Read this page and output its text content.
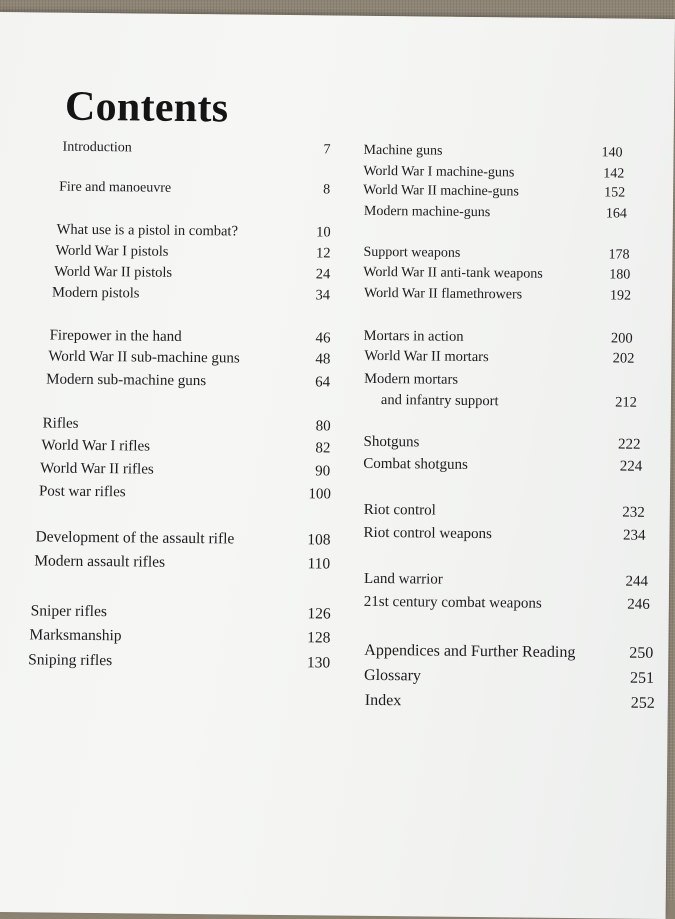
Contents
Introduction	7
Fire and manoeuvre	8
What use is a pistol in combat?	10
World War I pistols	12
World War II pistols	24
Modern pistols	34
Firepower in the hand	46
World War II sub-machine guns	48
Modern sub-machine guns	64
Rifles	80
World War I rifles	82
World War II rifles	90
Post war rifles	100
Development of the assault rifle	108
Modern assault rifles	110
Sniper rifles	126
Marksmanship	128
Sniping rifles	130
Machine guns	140
World War I machine-guns	142
World War II machine-guns	152
Modern machine-guns	164
Support weapons	178
World War II anti-tank weapons	180
World War II flamethrowers	192
Mortars in action	200
World War II mortars	202
Modern mortars
and infantry support	212
Shotguns	222
Combat shotguns	224
Riot control	232
Riot control weapons	234
Land warrior	244
21st century combat weapons	246
Appendices and Further Reading	250
Glossary	251
Index	252
